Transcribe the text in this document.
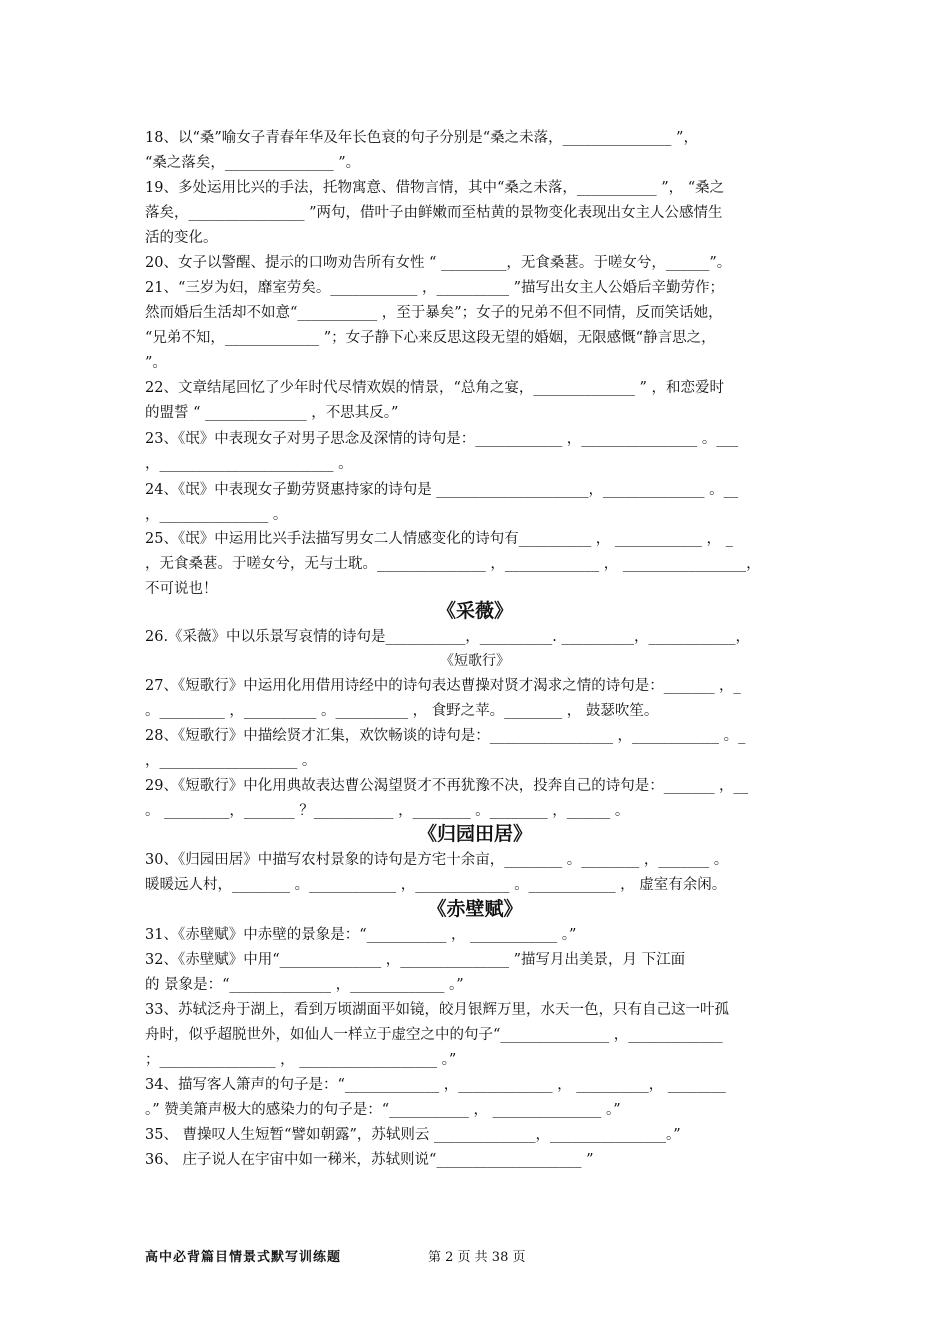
18、以“桑”喻女子青春年华及年长色衰的句子分别是“桑之未落，_______________ ”，
“桑之落矣，_______________ ”。
19、多处运用比兴的手法，托物寓意、借物言情，其中“桑之未落，___________ ”， “桑之
落矣，________________ ”两句，借叶子由鲜嫩而至枯黄的景物变化表现出女主人公感情生
活的变化。
20、女子以警醒、提示的口吻劝告所有女性 “ _________，无食桑葚。于嗟女兮，______”。
21、“三岁为妇，靡室劳矣。____________ ，__________ ”描写出女主人公婚后辛勤劳作；
然而婚后生活却不如意“___________ ，至于暴矣”；女子的兄弟不但不同情，反而笑话她，
“兄弟不知，_____________ ”；女子静下心来反思这段无望的婚姻，无限感慨“静言思之，
”。
22、文章结尾回忆了少年时代尽情欢娱的情景，“总角之宴，______________ ” ，和恋爱时
的盟誓 “ ______________ ，不思其反。”
23、《氓》中表现女子对男子思念及深情的诗句是：____________ ，________________ 。___
，________________________ 。
24、《氓》中表现女子勤劳贤惠持家的诗句是 _____________________，______________ 。__
，_______________ 。
25、《氓》中运用比兴手法描写男女二人情感变化的诗句有__________ ， ____________ ， _
，无食桑葚。于嗟女兮，无与士耽。_______________ ，_____________ ， _________________，
不可说也！
《采薇》
26.《采薇》中以乐景写哀情的诗句是___________，__________. __________，____________，
《短歌行》
27、《短歌行》中运用化用借用诗经中的诗句表达曹操对贤才渴求之情的诗句是：_______ ，_
。_________ ，__________ 。__________ ， 食野之苹。________ ， 鼓瑟吹笙。
28、《短歌行》中描绘贤才汇集，欢饮畅谈的诗句是：_________________ ，____________ 。_
，___________________ 。
29、《短歌行》中化用典故表达曹公渴望贤才不再犹豫不决，投奔自己的诗句是：_______ ，__
。 _________，_______ ？___________ ，________ 。________ ，______ 。
《归园田居》
30、《归园田居》中描写农村景象的诗句是方宅十余亩，________ 。________ ，_______ 。
暖暖远人村，________ 。____________ ，_____________ 。____________ ， 虚室有余闲。
《赤壁赋》
31、《赤壁赋》中赤壁的景象是：“___________ ， ____________ 。”
32、《赤壁赋》中用“______________ ，_______________ ”描写月出美景，月 下江面
的 景象是：“______________ ，_____________ 。”
33、苏轼泛舟于湖上，看到万顷湖面平如镜，皎月银辉万里，水天一色，只有自己这一叶孤
舟时，似乎超脱世外，如仙人一样立于虚空之中的句子“_______________ ，_____________
；________________ ， ___________________ 。”
34、描写客人箫声的句子是：“_____________ ，_____________ ， __________， ________
。” 赞美箫声极大的感染力的句子是：“___________ ， _______________ 。”
35、 曹操叹人生短暂“譬如朝露”，苏轼则云 ______________，________________。”
36、 庄子说人在宇宙中如一稊米，苏轼则说“____________________ ”
高中必背篇目情景式默写训练题	第 2 页 共 38 页
